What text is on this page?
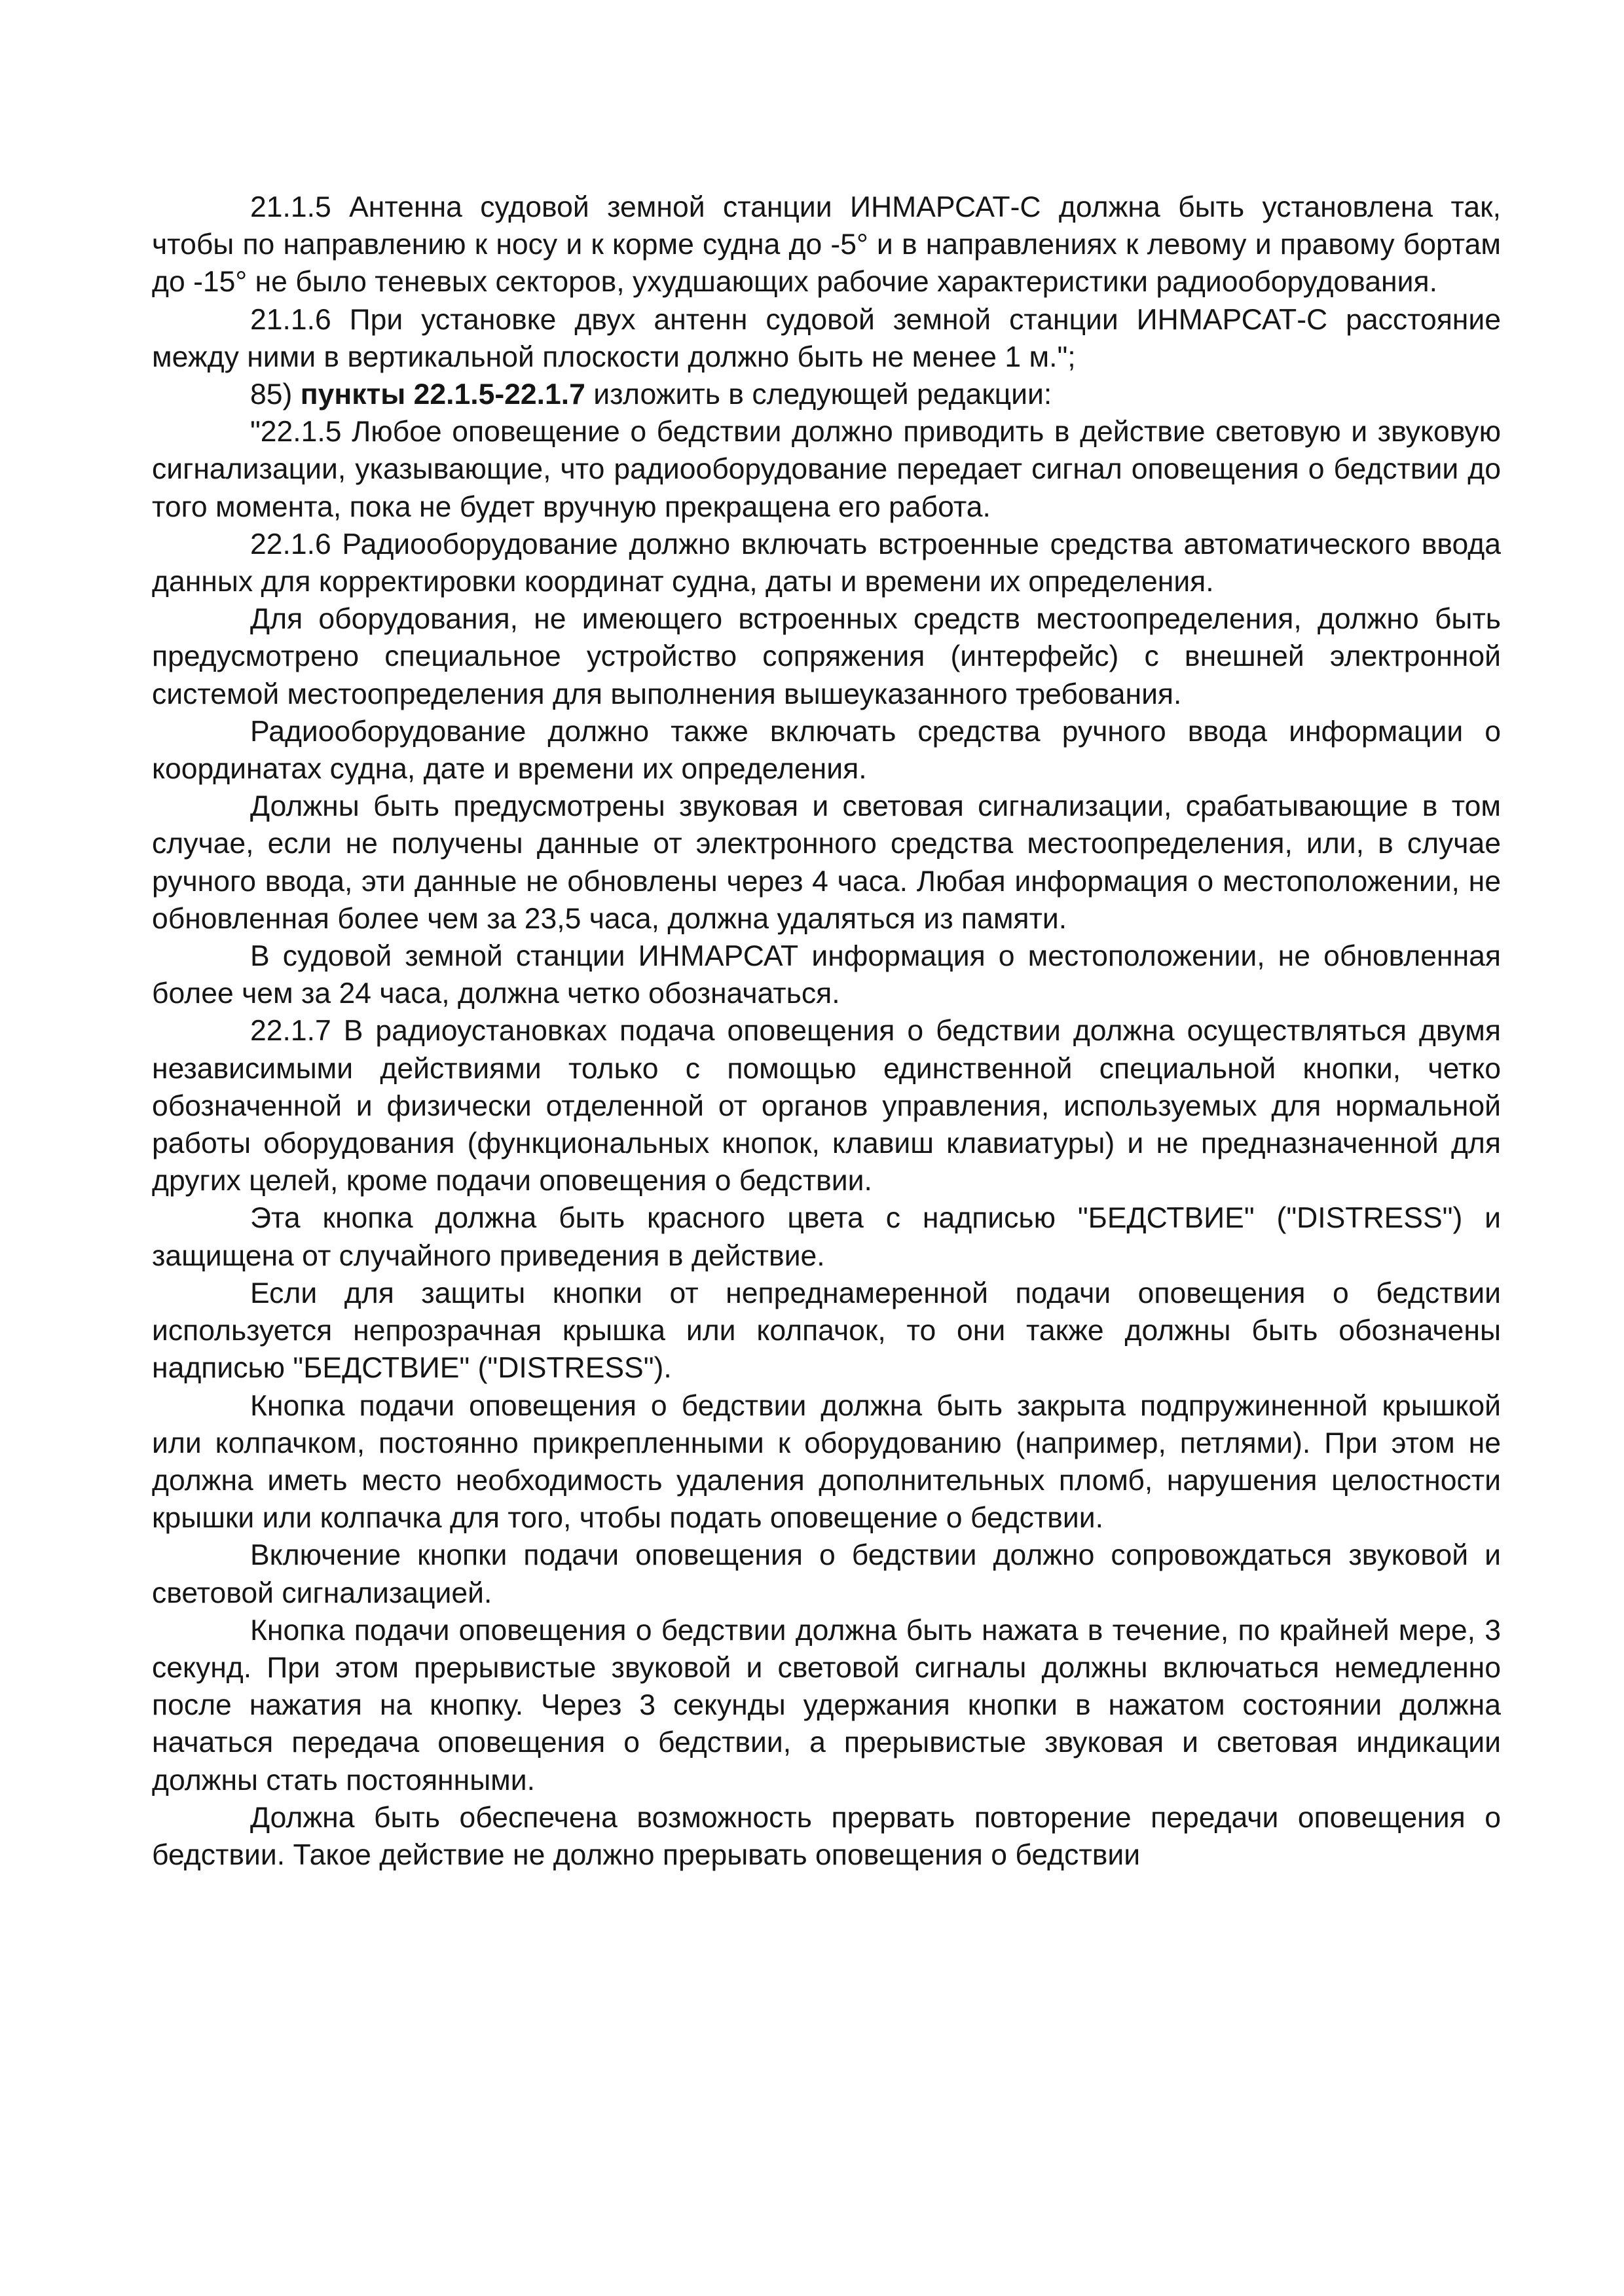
21.1.5 Антенна судовой земной станции ИНМАРСАТ-С должна быть установлена так, чтобы по направлению к носу и к корме судна до -5° и в направлениях к левому и правому бортам до -15° не было теневых секторов, ухудшающих рабочие характеристики радиооборудования.

21.1.6 При установке двух антенн судовой земной станции ИНМАРСАТ-С расстояние между ними в вертикальной плоскости должно быть не менее 1 м.";

85) пункты 22.1.5-22.1.7 изложить в следующей редакции:

"22.1.5 Любое оповещение о бедствии должно приводить в действие световую и звуковую сигнализации, указывающие, что радиооборудование передает сигнал оповещения о бедствии до того момента, пока не будет вручную прекращена его работа.

22.1.6 Радиооборудование должно включать встроенные средства автоматического ввода данных для корректировки координат судна, даты и времени их определения.

Для оборудования, не имеющего встроенных средств местоопределения, должно быть предусмотрено специальное устройство сопряжения (интерфейс) с внешней электронной системой местоопределения для выполнения вышеуказанного требования.

Радиооборудование должно также включать средства ручного ввода информации о координатах судна, дате и времени их определения.

Должны быть предусмотрены звуковая и световая сигнализации, срабатывающие в том случае, если не получены данные от электронного средства местоопределения, или, в случае ручного ввода, эти данные не обновлены через 4 часа. Любая информация о местоположении, не обновленная более чем за 23,5 часа, должна удаляться из памяти.

В судовой земной станции ИНМАРСАТ информация о местоположении, не обновленная более чем за 24 часа, должна четко обозначаться.

22.1.7 В радиоустановках подача оповещения о бедствии должна осуществляться двумя независимыми действиями только с помощью единственной специальной кнопки, четко обозначенной и физически отделенной от органов управления, используемых для нормальной работы оборудования (функциональных кнопок, клавиш клавиатуры) и не предназначенной для других целей, кроме подачи оповещения о бедствии.

Эта кнопка должна быть красного цвета с надписью "БЕДСТВИЕ" ("DISTRESS") и защищена от случайного приведения в действие.

Если для защиты кнопки от непреднамеренной подачи оповещения о бедствии используется непрозрачная крышка или колпачок, то они также должны быть обозначены надписью "БЕДСТВИЕ" ("DISTRESS").

Кнопка подачи оповещения о бедствии должна быть закрыта подпружиненной крышкой или колпачком, постоянно прикрепленными к оборудованию (например, петлями). При этом не должна иметь место необходимость удаления дополнительных пломб, нарушения целостности крышки или колпачка для того, чтобы подать оповещение о бедствии.

Включение кнопки подачи оповещения о бедствии должно сопровождаться звуковой и световой сигнализацией.

Кнопка подачи оповещения о бедствии должна быть нажата в течение, по крайней мере, 3 секунд. При этом прерывистые звуковой и световой сигналы должны включаться немедленно после нажатия на кнопку. Через 3 секунды удержания кнопки в нажатом состоянии должна начаться передача оповещения о бедствии, а прерывистые звуковая и световая индикации должны стать постоянными.

Должна быть обеспечена возможность прервать повторение передачи оповещения о бедствии. Такое действие не должно прерывать оповещения о бедствии
